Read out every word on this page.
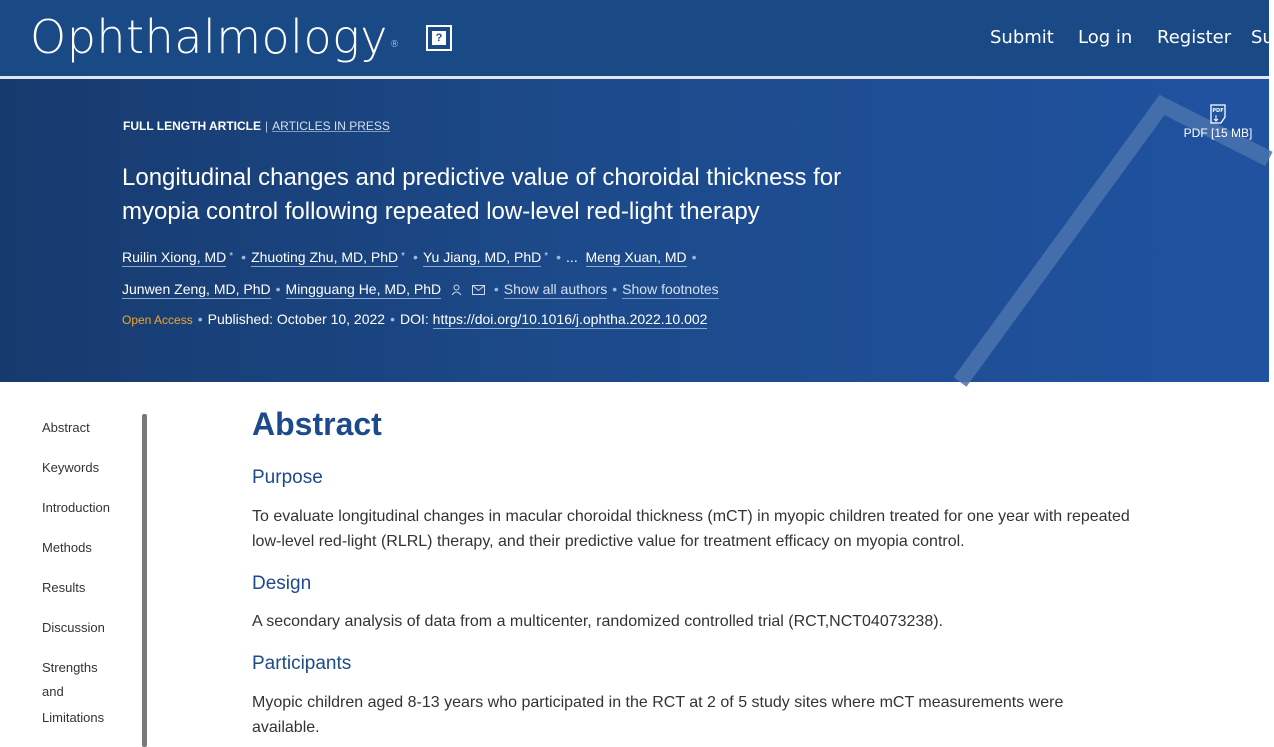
Ophthalmology ®
?	Submit Log in Register Su
FULL LENGTH ARTICLE | ARTICLES IN PRESS
Longitudinal changes and predictive value of choroidal thickness for myopia control following repeated low-level red-light therapy
Ruilin Xiong, MD * • Zhuoting Zhu, MD, PhD * • Yu Jiang, MD, PhD * • ... Meng Xuan, MD •
Junwen Zeng, MD, PhD • Mingguang He, MD, PhD	• Show all authors • Show footnotes
Open Access • Published: October 10, 2022 • DOI: https://doi.org/10.1016/j.ophtha.2022.10.002
PDF
PDF [15 MB]
Abstract
Keywords
Introduction
Methods
Results
Discussion
Strengths
and
Limitations
Abstract
Purpose

To evaluate longitudinal changes in macular choroidal thickness (mCT) in myopic children treated for one year with repeated
low-level red-light (RLRL) therapy, and their predictive value for treatment efficacy on myopia control.

Design

A secondary analysis of data from a multicenter, randomized controlled trial (RCT,NCT04073238).

Participants

Myopic children aged 8-13 years who participated in the RCT at 2 of 5 study sites where mCT measurements were
available.
